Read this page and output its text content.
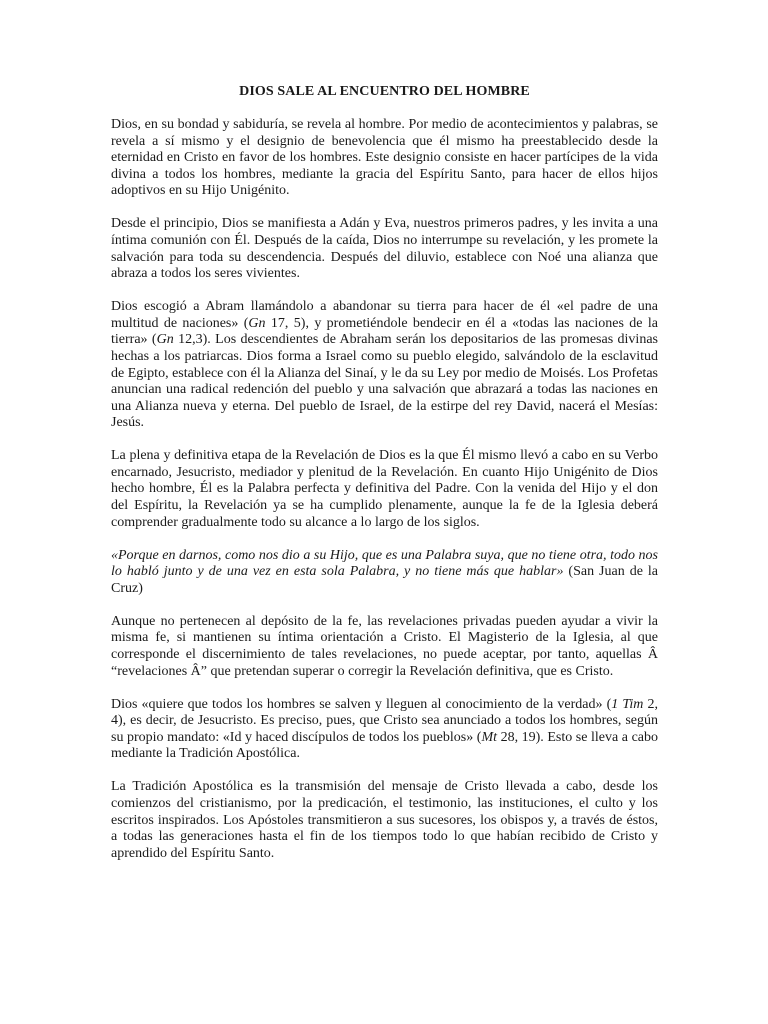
DIOS SALE AL ENCUENTRO DEL HOMBRE

Dios, en su bondad y sabiduría, se revela al hombre. Por medio de acontecimientos y palabras, se revela a sí mismo y el designio de benevolencia que él mismo ha preestablecido desde la eternidad en Cristo en favor de los hombres. Este designio consiste en hacer partícipes de la vida divina a todos los hombres, mediante la gracia del Espíritu Santo, para hacer de ellos hijos adoptivos en su Hijo Unigénito.

Desde el principio, Dios se manifiesta a Adán y Eva, nuestros primeros padres, y les invita a una íntima comunión con Él. Después de la caída, Dios no interrumpe su revelación, y les promete la salvación para toda su descendencia. Después del diluvio, establece con Noé una alianza que abraza a todos los seres vivientes.

Dios escogió a Abram llamándolo a abandonar su tierra para hacer de él «el padre de una multitud de naciones» (Gn 17, 5), y prometiéndole bendecir en él a «todas las naciones de la tierra» (Gn 12,3). Los descendientes de Abraham serán los depositarios de las promesas divinas hechas a los patriarcas. Dios forma a Israel como su pueblo elegido, salvándolo de la esclavitud de Egipto, establece con él la Alianza del Sinaí, y le da su Ley por medio de Moisés. Los Profetas anuncian una radical redención del pueblo y una salvación que abrazará a todas las naciones en una Alianza nueva y eterna. Del pueblo de Israel, de la estirpe del rey David, nacerá el Mesías: Jesús.

La plena y definitiva etapa de la Revelación de Dios es la que Él mismo llevó a cabo en su Verbo encarnado, Jesucristo, mediador y plenitud de la Revelación. En cuanto Hijo Unigénito de Dios hecho hombre, Él es la Palabra perfecta y definitiva del Padre. Con la venida del Hijo y el don del Espíritu, la Revelación ya se ha cumplido plenamente, aunque la fe de la Iglesia deberá comprender gradualmente todo su alcance a lo largo de los siglos.

«Porque en darnos, como nos dio a su Hijo, que es una Palabra suya, que no tiene otra, todo nos lo habló junto y de una vez en esta sola Palabra, y no tiene más que hablar» (San Juan de la Cruz)

Aunque no pertenecen al depósito de la fe, las revelaciones privadas pueden ayudar a vivir la misma fe, si mantienen su íntima orientación a Cristo. El Magisterio de la Iglesia, al que corresponde el discernimiento de tales revelaciones, no puede aceptar, por tanto, aquellas Â “revelaciones Â” que pretendan superar o corregir la Revelación definitiva, que es Cristo.

Dios «quiere que todos los hombres se salven y lleguen al conocimiento de la verdad» (1 Tim 2, 4), es decir, de Jesucristo. Es preciso, pues, que Cristo sea anunciado a todos los hombres, según su propio mandato: «Id y haced discípulos de todos los pueblos» (Mt 28, 19). Esto se lleva a cabo mediante la Tradición Apostólica.

La Tradición Apostólica es la transmisión del mensaje de Cristo llevada a cabo, desde los comienzos del cristianismo, por la predicación, el testimonio, las instituciones, el culto y los escritos inspirados. Los Apóstoles transmitieron a sus sucesores, los obispos y, a través de éstos, a todas las generaciones hasta el fin de los tiempos todo lo que habían recibido de Cristo y aprendido del Espíritu Santo.
